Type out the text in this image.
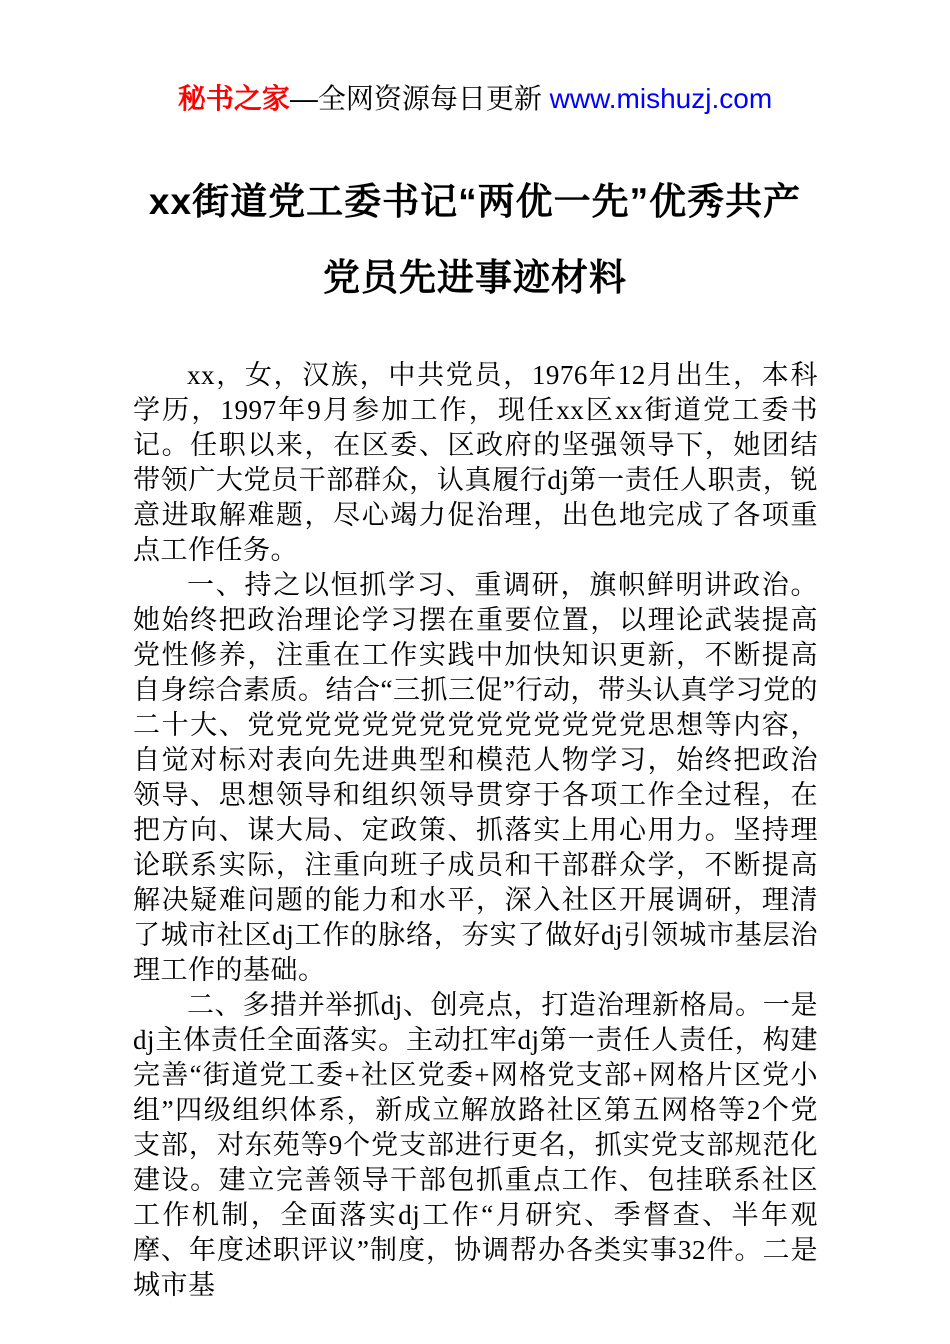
秘书之家—全网资源每日更新 www.mishuzj.com
xx街道党工委书记“两优一先”优秀共产
党员先进事迹材料

xx，女，汉族，中共党员，1976年12月出生，本科学历，1997年9月参加工作，现任xx区xx街道党工委书记。任职以来，在区委、区政府的坚强领导下，她团结带领广大党员干部群众，认真履行dj第一责任人职责，锐意进取解难题，尽心竭力促治理，出色地完成了各项重点工作任务。

一、持之以恒抓学习、重调研，旗帜鲜明讲政治。她始终把政治理论学习摆在重要位置，以理论武装提高党性修养，注重在工作实践中加快知识更新，不断提高自身综合素质。结合“三抓三促”行动，带头认真学习党的二十大、党党党党党党党党党党党党党党思想等内容，自觉对标对表向先进典型和模范人物学习，始终把政治领导、思想领导和组织领导贯穿于各项工作全过程，在把方向、谋大局、定政策、抓落实上用心用力。坚持理论联系实际，注重向班子成员和干部群众学，不断提高解决疑难问题的能力和水平，深入社区开展调研，理清了城市社区dj工作的脉络，夯实了做好dj引领城市基层治理工作的基础。

二、多措并举抓dj、创亮点，打造治理新格局。一是dj主体责任全面落实。主动扛牢dj第一责任人责任，构建完善“街道党工委+社区党委+网格党支部+网格片区党小组”四级组织体系，新成立解放路社区第五网格等2个党支部，对东苑等9个党支部进行更名，抓实党支部规范化建设。建立完善领导干部包抓重点工作、包挂联系社区工作机制，全面落实dj工作“月研究、季督查、半年观摩、年度述职评议”制度，协调帮办各类实事32件。二是城市基
